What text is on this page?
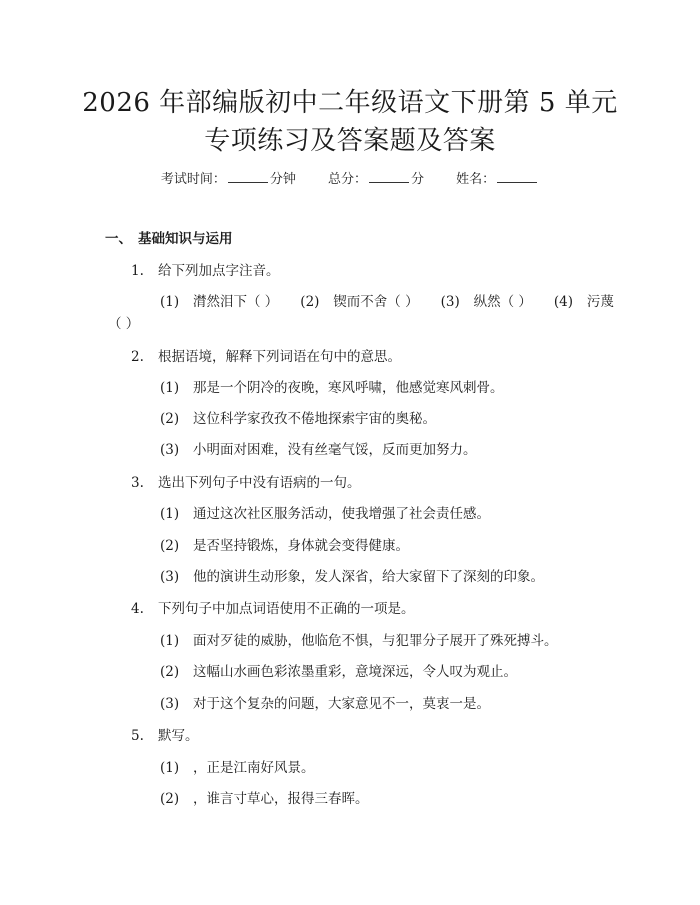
2026 年部编版初中二年级语文下册第 5 单元
专项练习及答案题及答案
考试时间：	分钟 总分：	分 姓名：
一、 基础知识与运用
1. 给下列加点字注音。
(1) 潸然泪下（ ） (2) 锲而不舍（ ） (3) 纵然（ ） (4) 污蔑
（ ）
2. 根据语境，解释下列词语在句中的意思。
(1) 那是一个阴冷的夜晚，寒风呼啸，他感觉寒风刺骨。
(2) 这位科学家孜孜不倦地探索宇宙的奥秘。
(3) 小明面对困难，没有丝毫气馁，反而更加努力。
3. 选出下列句子中没有语病的一句。
(1) 通过这次社区服务活动，使我增强了社会责任感。
(2) 是否坚持锻炼，身体就会变得健康。
(3) 他的演讲生动形象，发人深省，给大家留下了深刻的印象。
4. 下列句子中加点词语使用不正确的一项是。
(1) 面对歹徒的威胁，他临危不惧，与犯罪分子展开了殊死搏斗。
(2) 这幅山水画色彩浓墨重彩，意境深远，令人叹为观止。
(3) 对于这个复杂的问题，大家意见不一，莫衷一是。
5. 默写。
(1) ，正是江南好风景。
(2) ，谁言寸草心，报得三春晖。
